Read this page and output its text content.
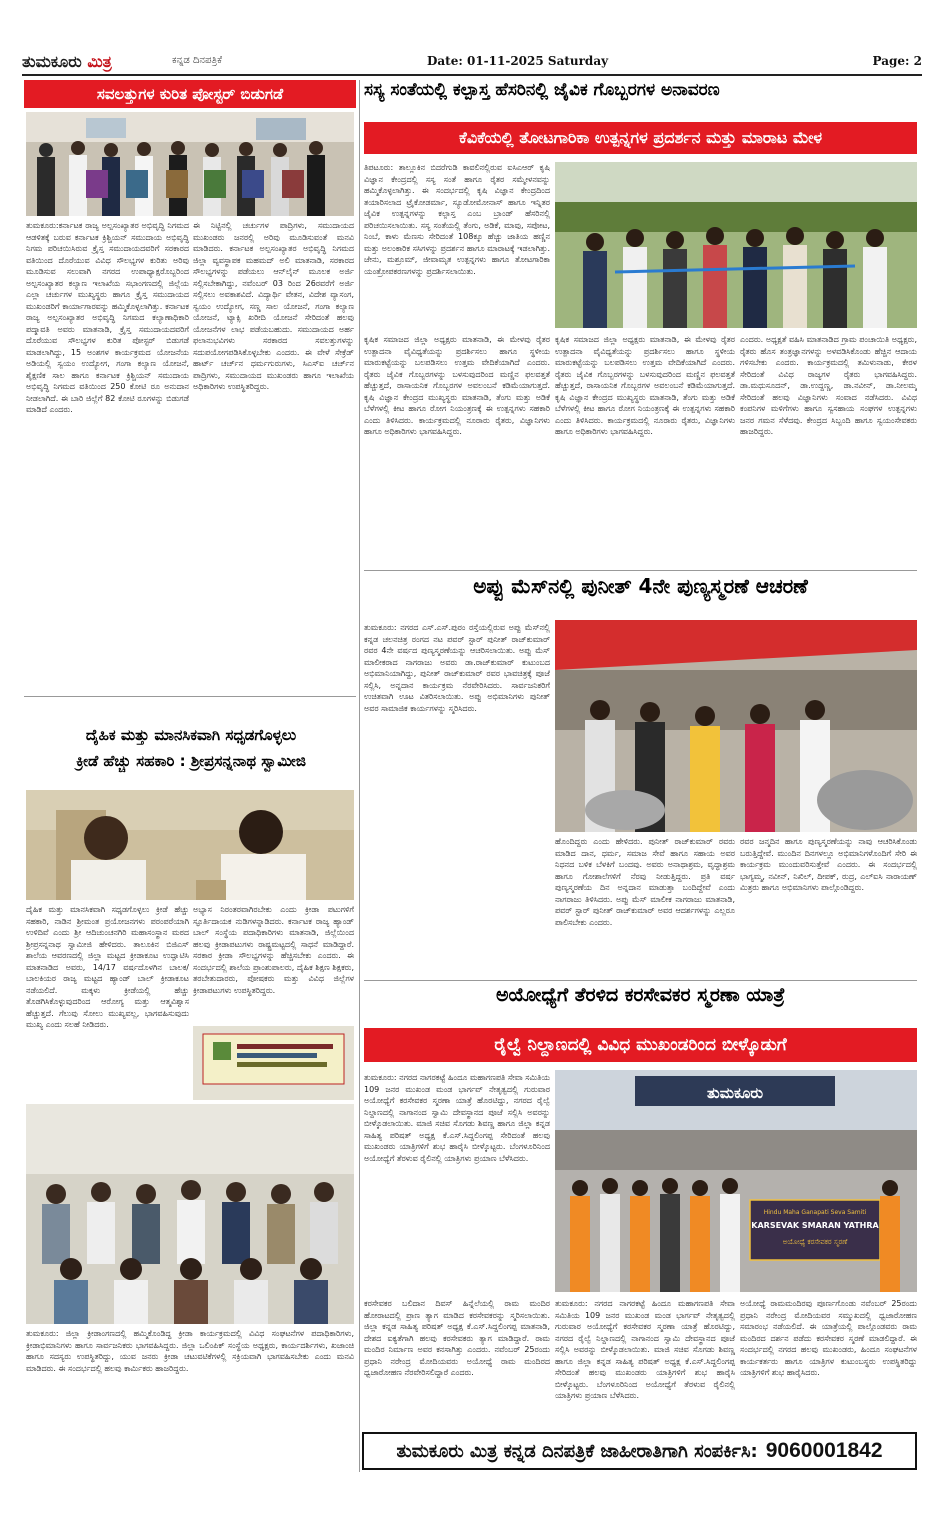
ತುಮಕೂರು ಮಿತ್ರ	ಕನ್ನಡ ದಿನಪತ್ರಿಕೆ	Date: 01-11-2025 Saturday	Page: 2
ಸವಲತ್ತುಗಳ ಕುರಿತ ಪೋಸ್ಟರ್ ಬಿಡುಗಡೆ
ತುಮಕೂರು:ಕರ್ನಾಟಕ ರಾಜ್ಯ ಅಲ್ಪಸಂಖ್ಯಾತರ ಅಭಿವೃದ್ಧಿ ನಿಗಮದ ಆಡಳಿತಕ್ಕೆ ಬರುವ ಕರ್ನಾಟಕ ಕ್ರಿಶ್ಚಿಯನ್ ಸಮುದಾಯ ಅಭಿವೃದ್ಧಿ ನಿಗಮ ಪರಿಚಯಿಸಿರುವ ಕ್ರೈಸ್ತ ಸಮುದಾಯದವರಿಗೆ ಸರಕಾರದ ವತಿಯಿಂದ ದೊರೆಯುವ ವಿವಿಧ ಸೌಲಭ್ಯಗಳ ಕುರಿತು ಅರಿವು ಮೂಡಿಸುವ ಸಲುವಾಗಿ ನಗರದ ಉಪಾಧ್ಯಾಕ್ಷರೊಬ್ಬರಿಂದ ಅಲ್ಪಸಂಖ್ಯಾತರ ಕಲ್ಯಾಣ ಇಲಾಖೆಯ ಸಭಾಂಗಣದಲ್ಲಿ ಜಿಲ್ಲೆಯ ಎಲ್ಲಾ ಚರ್ಚುಗಳ ಮುಖ್ಯಸ್ಥರು ಹಾಗೂ ಕ್ರೈಸ್ತ ಸಮುದಾಯದ ಮುಖಂಡರಿಗೆ ಕಾರ್ಯಾಗಾರವನ್ನು ಹಮ್ಮಿಕೊಳ್ಳಲಾಗಿತ್ತು. ಕರ್ನಾಟಕ ರಾಜ್ಯ ಅಲ್ಪಸಂಖ್ಯಾತರ ಅಭಿವೃದ್ಧಿ ನಿಗಮದ ಕಲ್ಯಾಣಾಧಿಕಾರಿ ಪದ್ಮಾವತಿ ಅವರು ಮಾತನಾಡಿ, ಕ್ರೈಸ್ತ ಸಮುದಾಯದವರಿಗೆ ದೊರೆಯುವ ಸೌಲಭ್ಯಗಳ ಕುರಿತ ಪೋಸ್ಟರ್ ಬಿಡುಗಡೆ ಮಾಡಲಾಗಿದ್ದು, 15 ಅಂಶಗಳ ಕಾರ್ಯಕ್ರಮದ ಯೋಜನೆಯ ಅಡಿಯಲ್ಲಿ ಸ್ವಯಂ ಉದ್ಯೋಗ, ಗಂಗಾ ಕಲ್ಯಾಣ ಯೋಜನೆ, ಶೈಕ್ಷಣಿಕ ಸಾಲ ಹಾಗೂ ಕರ್ನಾಟಕ ಕ್ರಿಶ್ಚಿಯನ್ ಸಮುದಾಯ ಅಭಿವೃದ್ಧಿ ನಿಗಮದ ವತಿಯಿಂದ 250 ಕೋಟಿ ರೂ ಅನುದಾನ ನೀಡಲಾಗಿದೆ. ಈ ಬಾರಿ ಜಿಲ್ಲೆಗೆ 82 ಕೋಟಿ ರೂಗಳನ್ನು ಬಿಡುಗಡೆ ಮಾಡಿದೆ ಎಂದರು.
ಈ ನಿಟ್ಟಿನಲ್ಲಿ ಚರ್ಚುಗಳ ಪಾದ್ರಿಗಳು, ಸಮುದಾಯದ ಮುಖಂಡರು ಜನರಲ್ಲಿ ಅರಿವು ಮೂಡಿಸುವಂತೆ ಮನವಿ ಮಾಡಿದರು. ಕರ್ನಾಟಕ ಅಲ್ಪಸಂಖ್ಯಾತರ ಅಭಿವೃದ್ಧಿ ನಿಗಮದ ಜಿಲ್ಲಾ ವ್ಯವಸ್ಥಾಪಕ ಮಹಮದ್ ಅಲಿ ಮಾತನಾಡಿ, ಸರಕಾರದ ಸೌಲಭ್ಯಗಳನ್ನು ಪಡೆಯಲು ಆನ್‌ಲೈನ್ ಮೂಲಕ ಅರ್ಜಿ ಸಲ್ಲಿಸಬೇಕಾಗಿದ್ದು, ನವೆಂಬರ್ 03 ರಿಂದ 26ರವರೆಗೆ ಅರ್ಜಿ ಸಲ್ಲಿಸಲು ಅವಕಾಶವಿದೆ. ವಿದ್ಯಾರ್ಥಿ ವೇತನ, ವಿದೇಶ ವ್ಯಾಸಂಗ, ಸ್ವಯಂ ಉದ್ಯೋಗ, ಸಣ್ಣ ಸಾಲ ಯೋಜನೆ, ಗಂಗಾ ಕಲ್ಯಾಣ ಯೋಜನೆ, ಟ್ಯಾಕ್ಸಿ ಖರೀದಿ ಯೋಜನೆ ಸೇರಿದಂತೆ ಹಲವು ಯೋಜನೆಗಳ ಲಾಭ ಪಡೆಯಬಹುದು. ಸಮುದಾಯದ ಅರ್ಹ ಫಲಾನುಭವಿಗಳು ಸರಕಾರದ ಸವಲತ್ತುಗಳನ್ನು ಸದುಪಯೋಗಪಡಿಸಿಕೊಳ್ಳಬೇಕು ಎಂದರು. ಈ ವೇಳೆ ಸೇಕ್ರೆಡ್ ಹಾರ್ಟ್ ಚರ್ಚ್‌ನ ಧರ್ಮಗುರುಗಳು, ಸಿಎಸ್‌ಐ ಚರ್ಚ್‌ನ ಪಾದ್ರಿಗಳು, ಸಮುದಾಯದ ಮುಖಂಡರು ಹಾಗೂ ಇಲಾಖೆಯ ಅಧಿಕಾರಿಗಳು ಉಪಸ್ಥಿತರಿದ್ದರು.
ದೈಹಿಕ ಮತ್ತು ಮಾನಸಿಕವಾಗಿ ಸಧೃಡಗೊಳ್ಳಲು
ಕ್ರೀಡೆ ಹೆಚ್ಚು ಸಹಕಾರಿ : ಶ್ರೀಪ್ರಸನ್ನನಾಥ ಸ್ವಾಮೀಜಿ
ದೈಹಿಕ ಮತ್ತು ಮಾನಸಿಕವಾಗಿ ಸಧೃಡಗೊಳ್ಳಲು ಕ್ರೀಡೆ ಹೆಚ್ಚು ಸಹಕಾರಿ, ನಾಡಿನ ಶ್ರೀಮಂತ ಪ್ರಯೋಜನಗಳು ಪರಂಪರೆಯಾಗಿ ಉಳಿದಿವೆ ಎಂದು ಶ್ರೀ ಆದಿಚುಂಚನಗಿರಿ ಮಹಾಸಂಸ್ಥಾನ ಮಠದ ಶ್ರೀಪ್ರಸನ್ನನಾಥ ಸ್ವಾಮೀಜಿ ಹೇಳಿದರು. ತಾಲೂಕಿನ ಬಿಜಿಎಸ್ ಶಾಲೆಯ ಆವರಣದಲ್ಲಿ ಜಿಲ್ಲಾ ಮಟ್ಟದ ಕ್ರೀಡಾಕೂಟ ಉದ್ಘಾಟಿಸಿ ಮಾತನಾಡಿದ ಅವರು, 14/17 ವರ್ಷದೊಳಗಿನ ಬಾಲಕ/ಬಾಲಕಿಯರ ರಾಜ್ಯ ಮಟ್ಟದ ಹ್ಯಾಂಡ್ ಬಾಲ್ ಕ್ರೀಡಾಕೂಟ ನಡೆಯಲಿದೆ. ಮಕ್ಕಳು ಕ್ರೀಡೆಯಲ್ಲಿ ಹೆಚ್ಚು ತೊಡಗಿಸಿಕೊಳ್ಳುವುದರಿಂದ ಆರೋಗ್ಯ ಮತ್ತು ಆತ್ಮವಿಶ್ವಾಸ ಹೆಚ್ಚುತ್ತದೆ. ಗೆಲುವು ಸೋಲು ಮುಖ್ಯವಲ್ಲ, ಭಾಗವಹಿಸುವುದು ಮುಖ್ಯ ಎಂದು ಸಲಹೆ ನೀಡಿದರು.
ಅಭ್ಯಾಸ ನಿರಂತರವಾಗಿರಬೇಕು ಎಂದು ಕ್ರೀಡಾ ಪಟುಗಳಿಗೆ ಸ್ಫೂರ್ತಿದಾಯಕ ನುಡಿಗಳನ್ನಾಡಿದರು. ಕರ್ನಾಟಕ ರಾಜ್ಯ ಹ್ಯಾಂಡ್ ಬಾಲ್ ಸಂಸ್ಥೆಯ ಪದಾಧಿಕಾರಿಗಳು ಮಾತನಾಡಿ, ಜಿಲ್ಲೆಯಿಂದ ಹಲವು ಕ್ರೀಡಾಪಟುಗಳು ರಾಷ್ಟ್ರಮಟ್ಟದಲ್ಲಿ ಸಾಧನೆ ಮಾಡಿದ್ದಾರೆ. ಸರಕಾರ ಕ್ರೀಡಾ ಸೌಲಭ್ಯಗಳನ್ನು ಹೆಚ್ಚಿಸಬೇಕು ಎಂದರು. ಈ ಸಂದರ್ಭದಲ್ಲಿ ಶಾಲೆಯ ಪ್ರಾಂಶುಪಾಲರು, ದೈಹಿಕ ಶಿಕ್ಷಣ ಶಿಕ್ಷಕರು, ತರಬೇತುದಾರರು, ಪೋಷಕರು ಮತ್ತು ವಿವಿಧ ಜಿಲ್ಲೆಗಳ ಕ್ರೀಡಾಪಟುಗಳು ಉಪಸ್ಥಿತರಿದ್ದರು.
ತುಮಕೂರು: ಜಿಲ್ಲಾ ಕ್ರೀಡಾಂಗಣದಲ್ಲಿ ಹಮ್ಮಿಕೊಂಡಿದ್ದ ಕ್ರೀಡಾ ಕಾರ್ಯಕ್ರಮದಲ್ಲಿ ವಿವಿಧ ಸಂಘಟನೆಗಳ ಪದಾಧಿಕಾರಿಗಳು, ಕ್ರೀಡಾಭಿಮಾನಿಗಳು ಹಾಗೂ ಸಾರ್ವಜನಿಕರು ಭಾಗವಹಿಸಿದ್ದರು. ಜಿಲ್ಲಾ ಒಲಿಂಪಿಕ್ ಸಂಸ್ಥೆಯ ಅಧ್ಯಕ್ಷರು, ಕಾರ್ಯದರ್ಶಿಗಳು, ಖಜಾಂಚಿ ಹಾಗೂ ಸದಸ್ಯರು ಉಪಸ್ಥಿತರಿದ್ದು, ಯುವ ಜನರು ಕ್ರೀಡಾ ಚಟುವಟಿಕೆಗಳಲ್ಲಿ ಸಕ್ರಿಯವಾಗಿ ಭಾಗವಹಿಸಬೇಕು ಎಂದು ಮನವಿ ಮಾಡಿದರು. ಈ ಸಂದರ್ಭದಲ್ಲಿ ಹಲವು ಕಾರ್ಮಿಕರು ಹಾಜರಿದ್ದರು.
ಸಸ್ಯ ಸಂತೆಯಲ್ಲಿ ಕಲ್ಪಾಸ್ತ ಹೆಸರಿನಲ್ಲಿ ಜೈವಿಕ ಗೊಬ್ಬರಗಳ ಅನಾವರಣ
ಕೆವಿಕೆಯಲ್ಲಿ ತೋಟಗಾರಿಕಾ ಉತ್ಪನ್ನಗಳ ಪ್ರದರ್ಶನ ಮತ್ತು ಮಾರಾಟ ಮೇಳ
ತಿಪಟೂರು: ತಾಲ್ಲೂಕಿನ ಬಿದರೆಗುಡಿ ಕಾವಲಿನಲ್ಲಿರುವ ಐಸಿಎಆರ್ ಕೃಷಿ ವಿಜ್ಞಾನ ಕೇಂದ್ರದಲ್ಲಿ ಸಸ್ಯ ಸಂತೆ ಹಾಗೂ ರೈತರ ಸಮ್ಮೇಳನವನ್ನು ಹಮ್ಮಿಕೊಳ್ಳಲಾಗಿತ್ತು. ಈ ಸಂದರ್ಭದಲ್ಲಿ ಕೃಷಿ ವಿಜ್ಞಾನ ಕೇಂದ್ರದಿಂದ ತಯಾರಿಸಲಾದ ಟ್ರೈಕೋಡರ್ಮಾ, ಸ್ಯೂಡೋಮೋನಾಸ್ ಹಾಗೂ ಇನ್ನಿತರ ಜೈವಿಕ ಉತ್ಪನ್ನಗಳನ್ನು ಕಲ್ಪಾಸ್ತ ಎಂಬ ಬ್ರಾಂಡ್ ಹೆಸರಿನಲ್ಲಿ ಪರಿಚಯಿಸಲಾಯಿತು. ಸಸ್ಯ ಸಂತೆಯಲ್ಲಿ ತೆಂಗು, ಅಡಿಕೆ, ಮಾವು, ಸಪೋಟ, ನಿಂಬೆ, ಕಾಳು ಮೆಣಸು ಸೇರಿದಂತೆ 108ಕ್ಕೂ ಹೆಚ್ಚು ಜಾತಿಯ ಹಣ್ಣಿನ ಮತ್ತು ಅಲಂಕಾರಿಕ ಸಸಿಗಳನ್ನು ಪ್ರದರ್ಶನ ಹಾಗೂ ಮಾರಾಟಕ್ಕೆ ಇಡಲಾಗಿತ್ತು. ಜೇನು, ಮಶ್ರೂಮ್, ಜೀವಾಮೃತ ಉತ್ಪನ್ನಗಳು ಹಾಗೂ ತೋಟಗಾರಿಕಾ ಯಂತ್ರೋಪಕರಣಗಳನ್ನು ಪ್ರದರ್ಶಿಸಲಾಯಿತು.
ಕೃಷಿಕ ಸಮಾಜದ ಜಿಲ್ಲಾ ಅಧ್ಯಕ್ಷರು ಮಾತನಾಡಿ, ಈ ಮೇಳವು ರೈತರ ಉತ್ಪಾದನಾ ವೈವಿಧ್ಯತೆಯನ್ನು ಪ್ರದರ್ಶಿಸಲು ಹಾಗೂ ಸ್ಥಳೀಯ ಮಾರುಕಟ್ಟೆಯನ್ನು ಬಲಪಡಿಸಲು ಉತ್ತಮ ವೇದಿಕೆಯಾಗಿದೆ ಎಂದರು. ರೈತರು ಜೈವಿಕ ಗೊಬ್ಬರಗಳನ್ನು ಬಳಸುವುದರಿಂದ ಮಣ್ಣಿನ ಫಲವತ್ತತೆ ಹೆಚ್ಚುತ್ತದೆ, ರಾಸಾಯನಿಕ ಗೊಬ್ಬರಗಳ ಅವಲಂಬನೆ ಕಡಿಮೆಯಾಗುತ್ತದೆ. ಕೃಷಿ ವಿಜ್ಞಾನ ಕೇಂದ್ರದ ಮುಖ್ಯಸ್ಥರು ಮಾತನಾಡಿ, ತೆಂಗು ಮತ್ತು ಅಡಿಕೆ ಬೆಳೆಗಳಲ್ಲಿ ಕೀಟ ಹಾಗೂ ರೋಗ ನಿಯಂತ್ರಣಕ್ಕೆ ಈ ಉತ್ಪನ್ನಗಳು ಸಹಕಾರಿ ಎಂದು ತಿಳಿಸಿದರು. ಕಾರ್ಯಕ್ರಮದಲ್ಲಿ ನೂರಾರು ರೈತರು, ವಿಜ್ಞಾನಿಗಳು ಹಾಗೂ ಅಧಿಕಾರಿಗಳು ಭಾಗವಹಿಸಿದ್ದರು.
ಕೃಷಿಕ ಸಮಾಜದ ಜಿಲ್ಲಾ ಅಧ್ಯಕ್ಷರು ಮಾತನಾಡಿ, ಈ ಮೇಳವು ರೈತರ ಉತ್ಪಾದನಾ ವೈವಿಧ್ಯತೆಯನ್ನು ಪ್ರದರ್ಶಿಸಲು ಹಾಗೂ ಸ್ಥಳೀಯ ಮಾರುಕಟ್ಟೆಯನ್ನು ಬಲಪಡಿಸಲು ಉತ್ತಮ ವೇದಿಕೆಯಾಗಿದೆ ಎಂದರು. ರೈತರು ಜೈವಿಕ ಗೊಬ್ಬರಗಳನ್ನು ಬಳಸುವುದರಿಂದ ಮಣ್ಣಿನ ಫಲವತ್ತತೆ ಹೆಚ್ಚುತ್ತದೆ, ರಾಸಾಯನಿಕ ಗೊಬ್ಬರಗಳ ಅವಲಂಬನೆ ಕಡಿಮೆಯಾಗುತ್ತದೆ. ಕೃಷಿ ವಿಜ್ಞಾನ ಕೇಂದ್ರದ ಮುಖ್ಯಸ್ಥರು ಮಾತನಾಡಿ, ತೆಂಗು ಮತ್ತು ಅಡಿಕೆ ಬೆಳೆಗಳಲ್ಲಿ ಕೀಟ ಹಾಗೂ ರೋಗ ನಿಯಂತ್ರಣಕ್ಕೆ ಈ ಉತ್ಪನ್ನಗಳು ಸಹಕಾರಿ ಎಂದು ತಿಳಿಸಿದರು. ಕಾರ್ಯಕ್ರಮದಲ್ಲಿ ನೂರಾರು ರೈತರು, ವಿಜ್ಞಾನಿಗಳು ಹಾಗೂ ಅಧಿಕಾರಿಗಳು ಭಾಗವಹಿಸಿದ್ದರು.
ಎಂದರು. ಅಧ್ಯಕ್ಷತೆ ವಹಿಸಿ ಮಾತನಾಡಿದ ಗ್ರಾಮ ಪಂಚಾಯಿತಿ ಅಧ್ಯಕ್ಷರು, ರೈತರು ಹೊಸ ತಂತ್ರಜ್ಞಾನಗಳನ್ನು ಅಳವಡಿಸಿಕೊಂಡು ಹೆಚ್ಚಿನ ಆದಾಯ ಗಳಿಸಬೇಕು ಎಂದರು. ಕಾರ್ಯಕ್ರಮದಲ್ಲಿ ತಮಿಳುನಾಡು, ಕೇರಳ ಸೇರಿದಂತೆ ವಿವಿಧ ರಾಜ್ಯಗಳ ರೈತರು ಭಾಗವಹಿಸಿದ್ದರು. ಡಾ.ಮಧುಸೂದನ್, ಡಾ.ಉದ್ದಣ್ಣ, ಡಾ.ನವೀನ್, ಡಾ.ನೀಲಮ್ಮ ಸೇರಿದಂತೆ ಹಲವು ವಿಜ್ಞಾನಿಗಳು ಸಂವಾದ ನಡೆಸಿದರು. ವಿವಿಧ ಕಂಪನಿಗಳ ಮಳಿಗೆಗಳು ಹಾಗೂ ಸ್ವಸಹಾಯ ಸಂಘಗಳ ಉತ್ಪನ್ನಗಳು ಜನರ ಗಮನ ಸೆಳೆದವು. ಕೇಂದ್ರದ ಸಿಬ್ಬಂದಿ ಹಾಗೂ ಸ್ವಯಂಸೇವಕರು ಹಾಜರಿದ್ದರು.
ಅಪ್ಪು ಮೆಸ್‌ನಲ್ಲಿ ಪುನೀತ್ 4ನೇ ಪುಣ್ಯಸ್ಮರಣೆ ಆಚರಣೆ
ತುಮಕೂರು: ನಗರದ ಎಸ್.ಎಸ್.ಪುರಂ ರಸ್ತೆಯಲ್ಲಿರುವ ಅಪ್ಪು ಮೆಸ್‌ನಲ್ಲಿ ಕನ್ನಡ ಚಲನಚಿತ್ರ ರಂಗದ ನಟ ಪವರ್ ಸ್ಟಾರ್ ಪುನೀತ್ ರಾಜ್‌ಕುಮಾರ್ ರವರ 4ನೇ ವರ್ಷದ ಪುಣ್ಯಸ್ಮರಣೆಯನ್ನು ಆಚರಿಸಲಾಯಿತು. ಅಪ್ಪು ಮೆಸ್ ಮಾಲೀಕರಾದ ನಾಗರಾಜು ಅವರು ಡಾ.ರಾಜ್‌ಕುಮಾರ್ ಕುಟುಂಬದ ಅಭಿಮಾನಿಯಾಗಿದ್ದು, ಪುನೀತ್ ರಾಜ್‌ಕುಮಾರ್ ರವರ ಭಾವಚಿತ್ರಕ್ಕೆ ಪೂಜೆ ಸಲ್ಲಿಸಿ, ಅನ್ನದಾನ ಕಾರ್ಯಕ್ರಮ ನೆರವೇರಿಸಿದರು. ಸಾರ್ವಜನಿಕರಿಗೆ ಉಚಿತವಾಗಿ ಊಟ ವಿತರಿಸಲಾಯಿತು. ಅಪ್ಪು ಅಭಿಮಾನಿಗಳು ಪುನೀತ್ ಅವರ ಸಾಮಾಜಿಕ ಕಾರ್ಯಗಳನ್ನು ಸ್ಮರಿಸಿದರು.
ಹೊಂದಿದ್ದರು ಎಂದು ಹೇಳಿದರು. ಪುನೀತ್ ರಾಜ್‌ಕುಮಾರ್ ರವರು ಮಾಡಿದ ದಾನ, ಧರ್ಮ, ಸಮಾಜ ಸೇವೆ ಹಾಗೂ ಸಹಾಯ ಅವರ ನಿಧನದ ಬಳಿಕ ಬೆಳಕಿಗೆ ಬಂದವು. ಅವರು ಅನಾಥಾಶ್ರಮ, ವೃದ್ಧಾಶ್ರಮ ಹಾಗೂ ಗೋಶಾಲೆಗಳಿಗೆ ನೆರವು ನೀಡುತ್ತಿದ್ದರು. ಪ್ರತಿ ವರ್ಷ ಪುಣ್ಯಸ್ಮರಣೆಯ ದಿನ ಅನ್ನದಾನ ಮಾಡುತ್ತಾ ಬಂದಿದ್ದೇವೆ ಎಂದು ನಾಗರಾಜು ತಿಳಿಸಿದರು. ಅಪ್ಪು ಮೆಸ್ ಮಾಲೀಕ ನಾಗರಾಜು ಮಾತನಾಡಿ, ಪವರ್ ಸ್ಟಾರ್ ಪುನೀತ್ ರಾಜ್‌ಕುಮಾರ್ ಅವರ ಆದರ್ಶಗಳನ್ನು ಎಲ್ಲರೂ ಪಾಲಿಸಬೇಕು ಎಂದರು.
ರವರ ಜನ್ಮದಿನ ಹಾಗೂ ಪುಣ್ಯಸ್ಮರಣೆಯನ್ನು ನಾವು ಆಚರಿಸಿಕೊಂಡು ಬರುತ್ತಿದ್ದೇವೆ. ಮುಂದಿನ ದಿನಗಳಲ್ಲೂ ಅಭಿಮಾನಿಗಳೊಂದಿಗೆ ಸೇರಿ ಈ ಕಾರ್ಯಕ್ರಮ ಮುಂದುವರಿಸುತ್ತೇವೆ ಎಂದರು. ಈ ಸಂದರ್ಭದಲ್ಲಿ ಭಾಗ್ಯಮ್ಮ, ನವೀನ್, ನಿಖಿಲ್, ದೀಪಕ್, ರುದ್ರ, ಎಲ್‌ಐಸಿ ನಾರಾಯಣ್ ಮಿತ್ರರು ಹಾಗೂ ಅಭಿಮಾನಿಗಳು ಪಾಲ್ಗೊಂಡಿದ್ದರು.
ಅಯೋಧ್ಯೆಗೆ ತೆರಳಿದ ಕರಸೇವಕರ ಸ್ಮರಣಾ ಯಾತ್ರೆ
ರೈಲ್ವೆ ನಿಲ್ದಾಣದಲ್ಲಿ ವಿವಿಧ ಮುಖಂಡರಿಂದ ಬೀಳ್ಕೊಡುಗೆ
ತುಮಕೂರು: ನಗರದ ನಾಗರಕಟ್ಟೆ ಹಿಂದೂ ಮಹಾಗಣಪತಿ ಸೇವಾ ಸಮಿತಿಯ 109 ಜನರ ಮುಖಂಡ ಮಂಡ ಭಾರ್ಗವ್ ನೇತೃತ್ವದಲ್ಲಿ ಗುರುವಾರ ಅಯೋಧ್ಯೆಗೆ ಕರಸೇವಕರ ಸ್ಮರಣಾ ಯಾತ್ರೆ ಹೊರಟಿದ್ದು, ನಗರದ ರೈಲ್ವೆ ನಿಲ್ದಾಣದಲ್ಲಿ ನಾಗಾನಂದ ಸ್ವಾಮಿ ದೇವಸ್ಥಾನದ ಪೂಜೆ ಸಲ್ಲಿಸಿ ಅವರನ್ನು ಬೀಳ್ಕೊಡಲಾಯಿತು. ಮಾಜಿ ಸಚಿವ ಸೊಗಡು ಶಿವಣ್ಣ ಹಾಗೂ ಜಿಲ್ಲಾ ಕನ್ನಡ ಸಾಹಿತ್ಯ ಪರಿಷತ್ ಅಧ್ಯಕ್ಷ ಕೆ.ಎಸ್.ಸಿದ್ದಲಿಂಗಪ್ಪ ಸೇರಿದಂತೆ ಹಲವು ಮುಖಂಡರು ಯಾತ್ರಿಗಳಿಗೆ ಶುಭ ಹಾರೈಸಿ ಬೀಳ್ಕೊಟ್ಟರು. ಬೆಂಗಳೂರಿನಿಂದ ಅಯೋಧ್ಯೆಗೆ ತೆರಳುವ ರೈಲಿನಲ್ಲಿ ಯಾತ್ರಿಗಳು ಪ್ರಯಾಣ ಬೆಳೆಸಿದರು.
ತುಮಕೂರು
Hindu Maha Ganapati Seva Samiti
KARSEVAK SMARAN YATHRA
ಅಯೋಧ್ಯೆ ಕರಸೇವಕರ ಸ್ಮರಣೆ
ಕರಸೇವಕರ ಬಲಿದಾನ ದಿವಸ್ ಹಿನ್ನೆಲೆಯಲ್ಲಿ ರಾಮ ಮಂದಿರ ಹೋರಾಟದಲ್ಲಿ ಪ್ರಾಣ ತ್ಯಾಗ ಮಾಡಿದ ಕರಸೇವಕರನ್ನು ಸ್ಮರಿಸಲಾಯಿತು. ಜಿಲ್ಲಾ ಕನ್ನಡ ಸಾಹಿತ್ಯ ಪರಿಷತ್ ಅಧ್ಯಕ್ಷ ಕೆ.ಎಸ್.ಸಿದ್ದಲಿಂಗಪ್ಪ ಮಾತನಾಡಿ, ದೇಶದ ಐಕ್ಯತೆಗಾಗಿ ಹಲವು ಕರಸೇವಕರು ತ್ಯಾಗ ಮಾಡಿದ್ದಾರೆ. ರಾಮ ಮಂದಿರ ನಿರ್ಮಾಣ ಅವರ ಕನಸಾಗಿತ್ತು ಎಂದರು. ನವೆಂಬರ್ 25ರಂದು ಪ್ರಧಾನಿ ನರೇಂದ್ರ ಮೋದಿಯವರು ಅಯೋಧ್ಯೆ ರಾಮ ಮಂದಿರದ ಧ್ವಜಾರೋಹಣ ನೆರವೇರಿಸಲಿದ್ದಾರೆ ಎಂದರು.
ತುಮಕೂರು: ನಗರದ ನಾಗರಕಟ್ಟೆ ಹಿಂದೂ ಮಹಾಗಣಪತಿ ಸೇವಾ ಸಮಿತಿಯ 109 ಜನರ ಮುಖಂಡ ಮಂಡ ಭಾರ್ಗವ್ ನೇತೃತ್ವದಲ್ಲಿ ಗುರುವಾರ ಅಯೋಧ್ಯೆಗೆ ಕರಸೇವಕರ ಸ್ಮರಣಾ ಯಾತ್ರೆ ಹೊರಟಿದ್ದು, ನಗರದ ರೈಲ್ವೆ ನಿಲ್ದಾಣದಲ್ಲಿ ನಾಗಾನಂದ ಸ್ವಾಮಿ ದೇವಸ್ಥಾನದ ಪೂಜೆ ಸಲ್ಲಿಸಿ ಅವರನ್ನು ಬೀಳ್ಕೊಡಲಾಯಿತು. ಮಾಜಿ ಸಚಿವ ಸೊಗಡು ಶಿವಣ್ಣ ಹಾಗೂ ಜಿಲ್ಲಾ ಕನ್ನಡ ಸಾಹಿತ್ಯ ಪರಿಷತ್ ಅಧ್ಯಕ್ಷ ಕೆ.ಎಸ್.ಸಿದ್ದಲಿಂಗಪ್ಪ ಸೇರಿದಂತೆ ಹಲವು ಮುಖಂಡರು ಯಾತ್ರಿಗಳಿಗೆ ಶುಭ ಹಾರೈಸಿ ಬೀಳ್ಕೊಟ್ಟರು. ಬೆಂಗಳೂರಿನಿಂದ ಅಯೋಧ್ಯೆಗೆ ತೆರಳುವ ರೈಲಿನಲ್ಲಿ ಯಾತ್ರಿಗಳು ಪ್ರಯಾಣ ಬೆಳೆಸಿದರು.
ಅಯೋಧ್ಯೆ ರಾಮಮಂದಿರವು ಪೂರ್ಣಗೊಂಡು ನವೆಂಬರ್ 25ರಂದು ಪ್ರಧಾನಿ ನರೇಂದ್ರ ಮೋದಿಯವರ ಸಮ್ಮುಖದಲ್ಲಿ ಧ್ವಜಾರೋಹಣ ಸಮಾರಂಭ ನಡೆಯಲಿದೆ. ಈ ಯಾತ್ರೆಯಲ್ಲಿ ಪಾಲ್ಗೊಂಡವರು ರಾಮ ಮಂದಿರದ ದರ್ಶನ ಪಡೆದು ಕರಸೇವಕರ ಸ್ಮರಣೆ ಮಾಡಲಿದ್ದಾರೆ. ಈ ಸಂದರ್ಭದಲ್ಲಿ ನಗರದ ಹಲವು ಮುಖಂಡರು, ಹಿಂದೂ ಸಂಘಟನೆಗಳ ಕಾರ್ಯಕರ್ತರು ಹಾಗೂ ಯಾತ್ರಿಗಳ ಕುಟುಂಬಸ್ಥರು ಉಪಸ್ಥಿತರಿದ್ದು ಯಾತ್ರಿಗಳಿಗೆ ಶುಭ ಹಾರೈಸಿದರು.
ತುಮಕೂರು ಮಿತ್ರ ಕನ್ನಡ ದಿನಪತ್ರಿಕೆ ಜಾಹೀರಾತಿಗಾಗಿ ಸಂಪರ್ಕಿಸಿ: 9060001842
